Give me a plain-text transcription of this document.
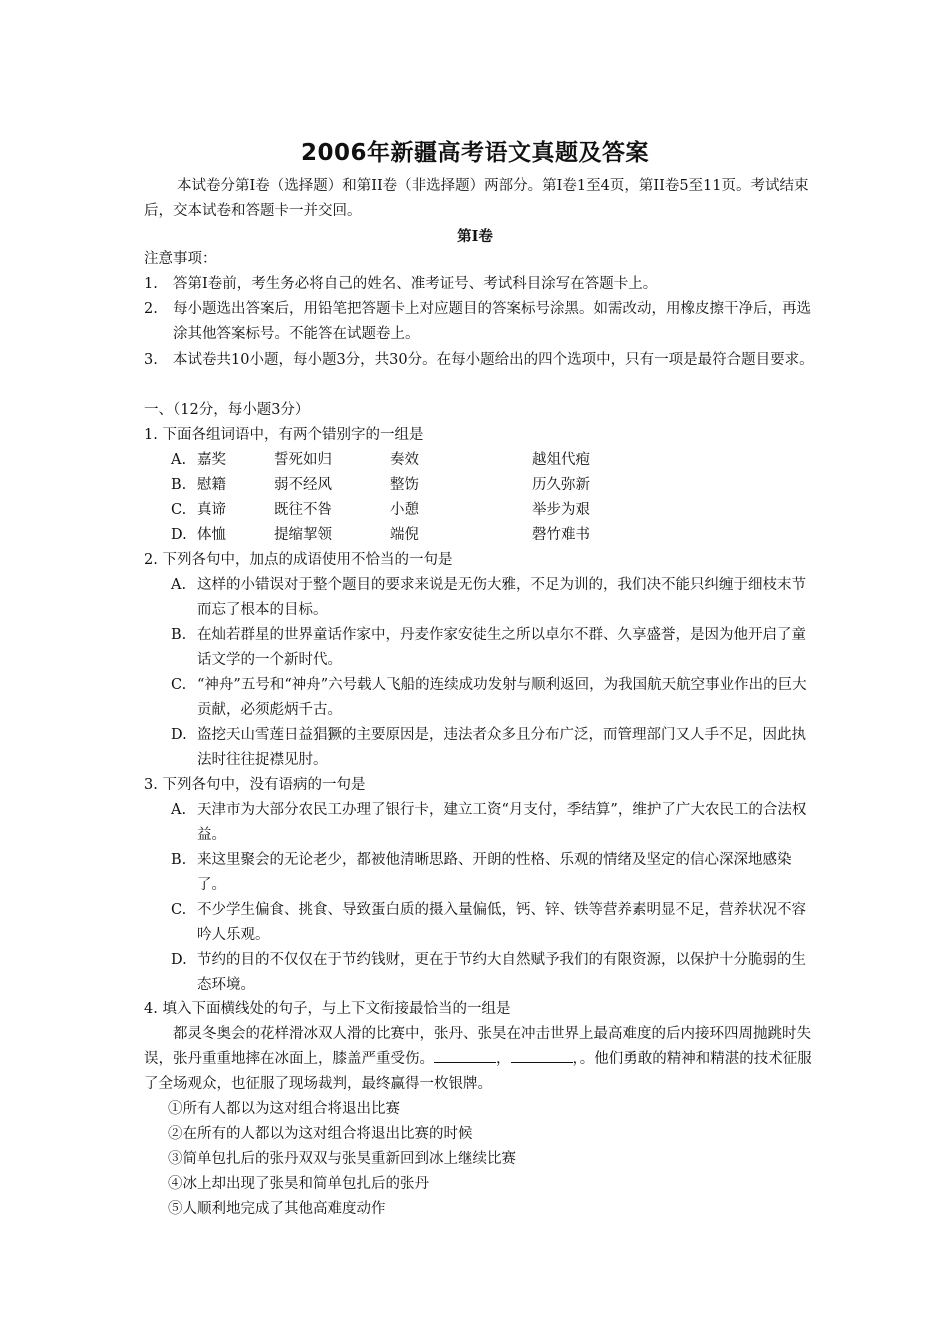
2006年新疆高考语文真题及答案
本试卷分第I卷（选择题）和第II卷（非选择题）两部分。第I卷1至4页，第II卷5至11页。考试结束后，交本试卷和答题卡一并交回。
第I卷
注意事项：
1.	答第I卷前，考生务必将自己的姓名、准考证号、考试科目涂写在答题卡上。
2.	每小题选出答案后，用铅笔把答题卡上对应题目的答案标号涂黑。如需改动，用橡皮擦干净后，再选涂其他答案标号。不能答在试题卷上。
3.	本试卷共10小题，每小题3分，共30分。在每小题给出的四个选项中，只有一项是最符合题目要求。
一、（12分，每小题3分）
1. 下面各组词语中，有两个错别字的一组是
A. 嘉奖	誓死如归	奏效	越俎代疱
B. 慰籍	弱不经风	整饬	历久弥新
C. 真谛	既往不咎	小憩	举步为艰
D. 体恤	提缩挈领	端倪	磬竹难书
2. 下列各句中，加点的成语使用不恰当的一句是
A. 这样的小错误对于整个题目的要求来说是无伤大雅，不足为训的，我们决不能只纠缠于细枝末节而忘了根本的目标。
B. 在灿若群星的世界童话作家中，丹麦作家安徒生之所以卓尔不群、久享盛誉，是因为他开启了童话文学的一个新时代。
C. “神舟”五号和“神舟”六号载人飞船的连续成功发射与顺利返回，为我国航天航空事业作出的巨大贡献，必须彪炳千古。
D. 盗挖天山雪莲日益猖獗的主要原因是，违法者众多且分布广泛，而管理部门又人手不足，因此执法时往往捉襟见肘。
3. 下列各句中，没有语病的一句是
A. 天津市为大部分农民工办理了银行卡，建立工资“月支付，季结算”，维护了广大农民工的合法权益。
B. 来这里聚会的无论老少，都被他清晰思路、开朗的性格、乐观的情绪及坚定的信心深深地感染了。
C. 不少学生偏食、挑食、导致蛋白质的摄入量偏低，钙、锌、铁等营养素明显不足，营养状况不容吟人乐观。
D. 节约的目的不仅仅在于节约钱财，更在于节约大自然赋予我们的有限资源，以保护十分脆弱的生态环境。
4. 填入下面横线处的句子，与上下文衔接最恰当的一组是
都灵冬奥会的花样滑冰双人滑的比赛中，张丹、张昊在冲击世界上最高难度的后内接环四周抛跳时失误，张丹重重地摔在冰面上，膝盖严重受伤。	，	，。他们勇敢的精神和精湛的技术征服了全场观众，也征服了现场裁判，最终赢得一枚银牌。
①所有人都以为这对组合将退出比赛
②在所有的人都以为这对组合将退出比赛的时候
③简单包扎后的张丹双双与张昊重新回到冰上继续比赛
④冰上却出现了张昊和简单包扎后的张丹
⑤人顺利地完成了其他高难度动作
